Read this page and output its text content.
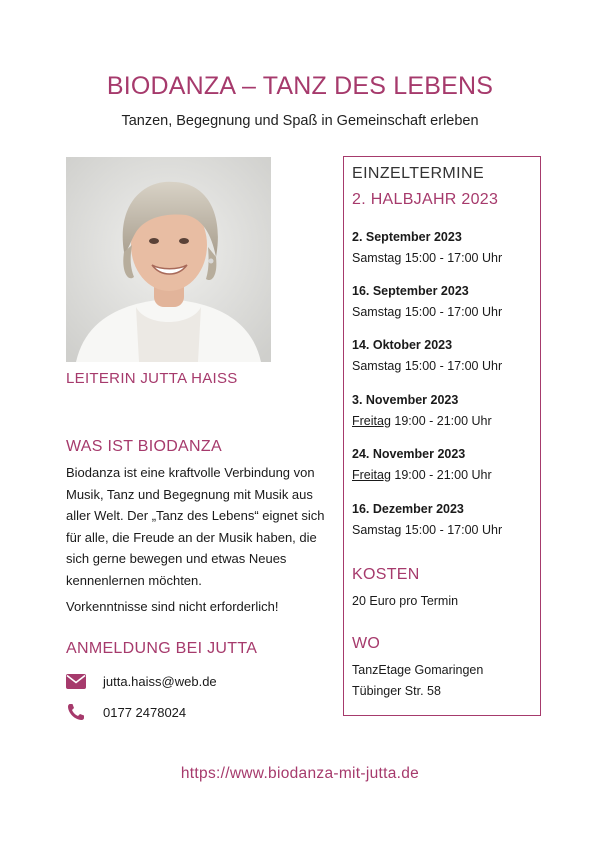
BIODANZA – TANZ DES LEBENS
Tanzen, Begegnung und Spaß in Gemeinschaft erleben
LEITERIN JUTTA HAISS
WAS IST BIODANZA
Biodanza ist eine kraftvolle Verbindung von
Musik, Tanz und Begegnung mit Musik aus
aller Welt. Der „Tanz des Lebens“ eignet sich
für alle, die Freude an der Musik haben, die
sich gerne bewegen und etwas Neues
kennenlernen möchten.
Vorkenntnisse sind nicht erforderlich!
ANMELDUNG BEI JUTTA
jutta.haiss@web.de
0177 2478024
EINZELTERMINE
2. HALBJAHR 2023
2. September 2023
Samstag 15:00 - 17:00 Uhr
16. September 2023
Samstag 15:00 - 17:00 Uhr
14. Oktober 2023
Samstag 15:00 - 17:00 Uhr
3. November 2023
Freitag 19:00 - 21:00 Uhr
24. November 2023
Freitag 19:00 - 21:00 Uhr
16. Dezember 2023
Samstag 15:00 - 17:00 Uhr
KOSTEN
20 Euro pro Termin
WO
TanzEtage Gomaringen
Tübinger Str. 58
https://www.biodanza-mit-jutta.de
